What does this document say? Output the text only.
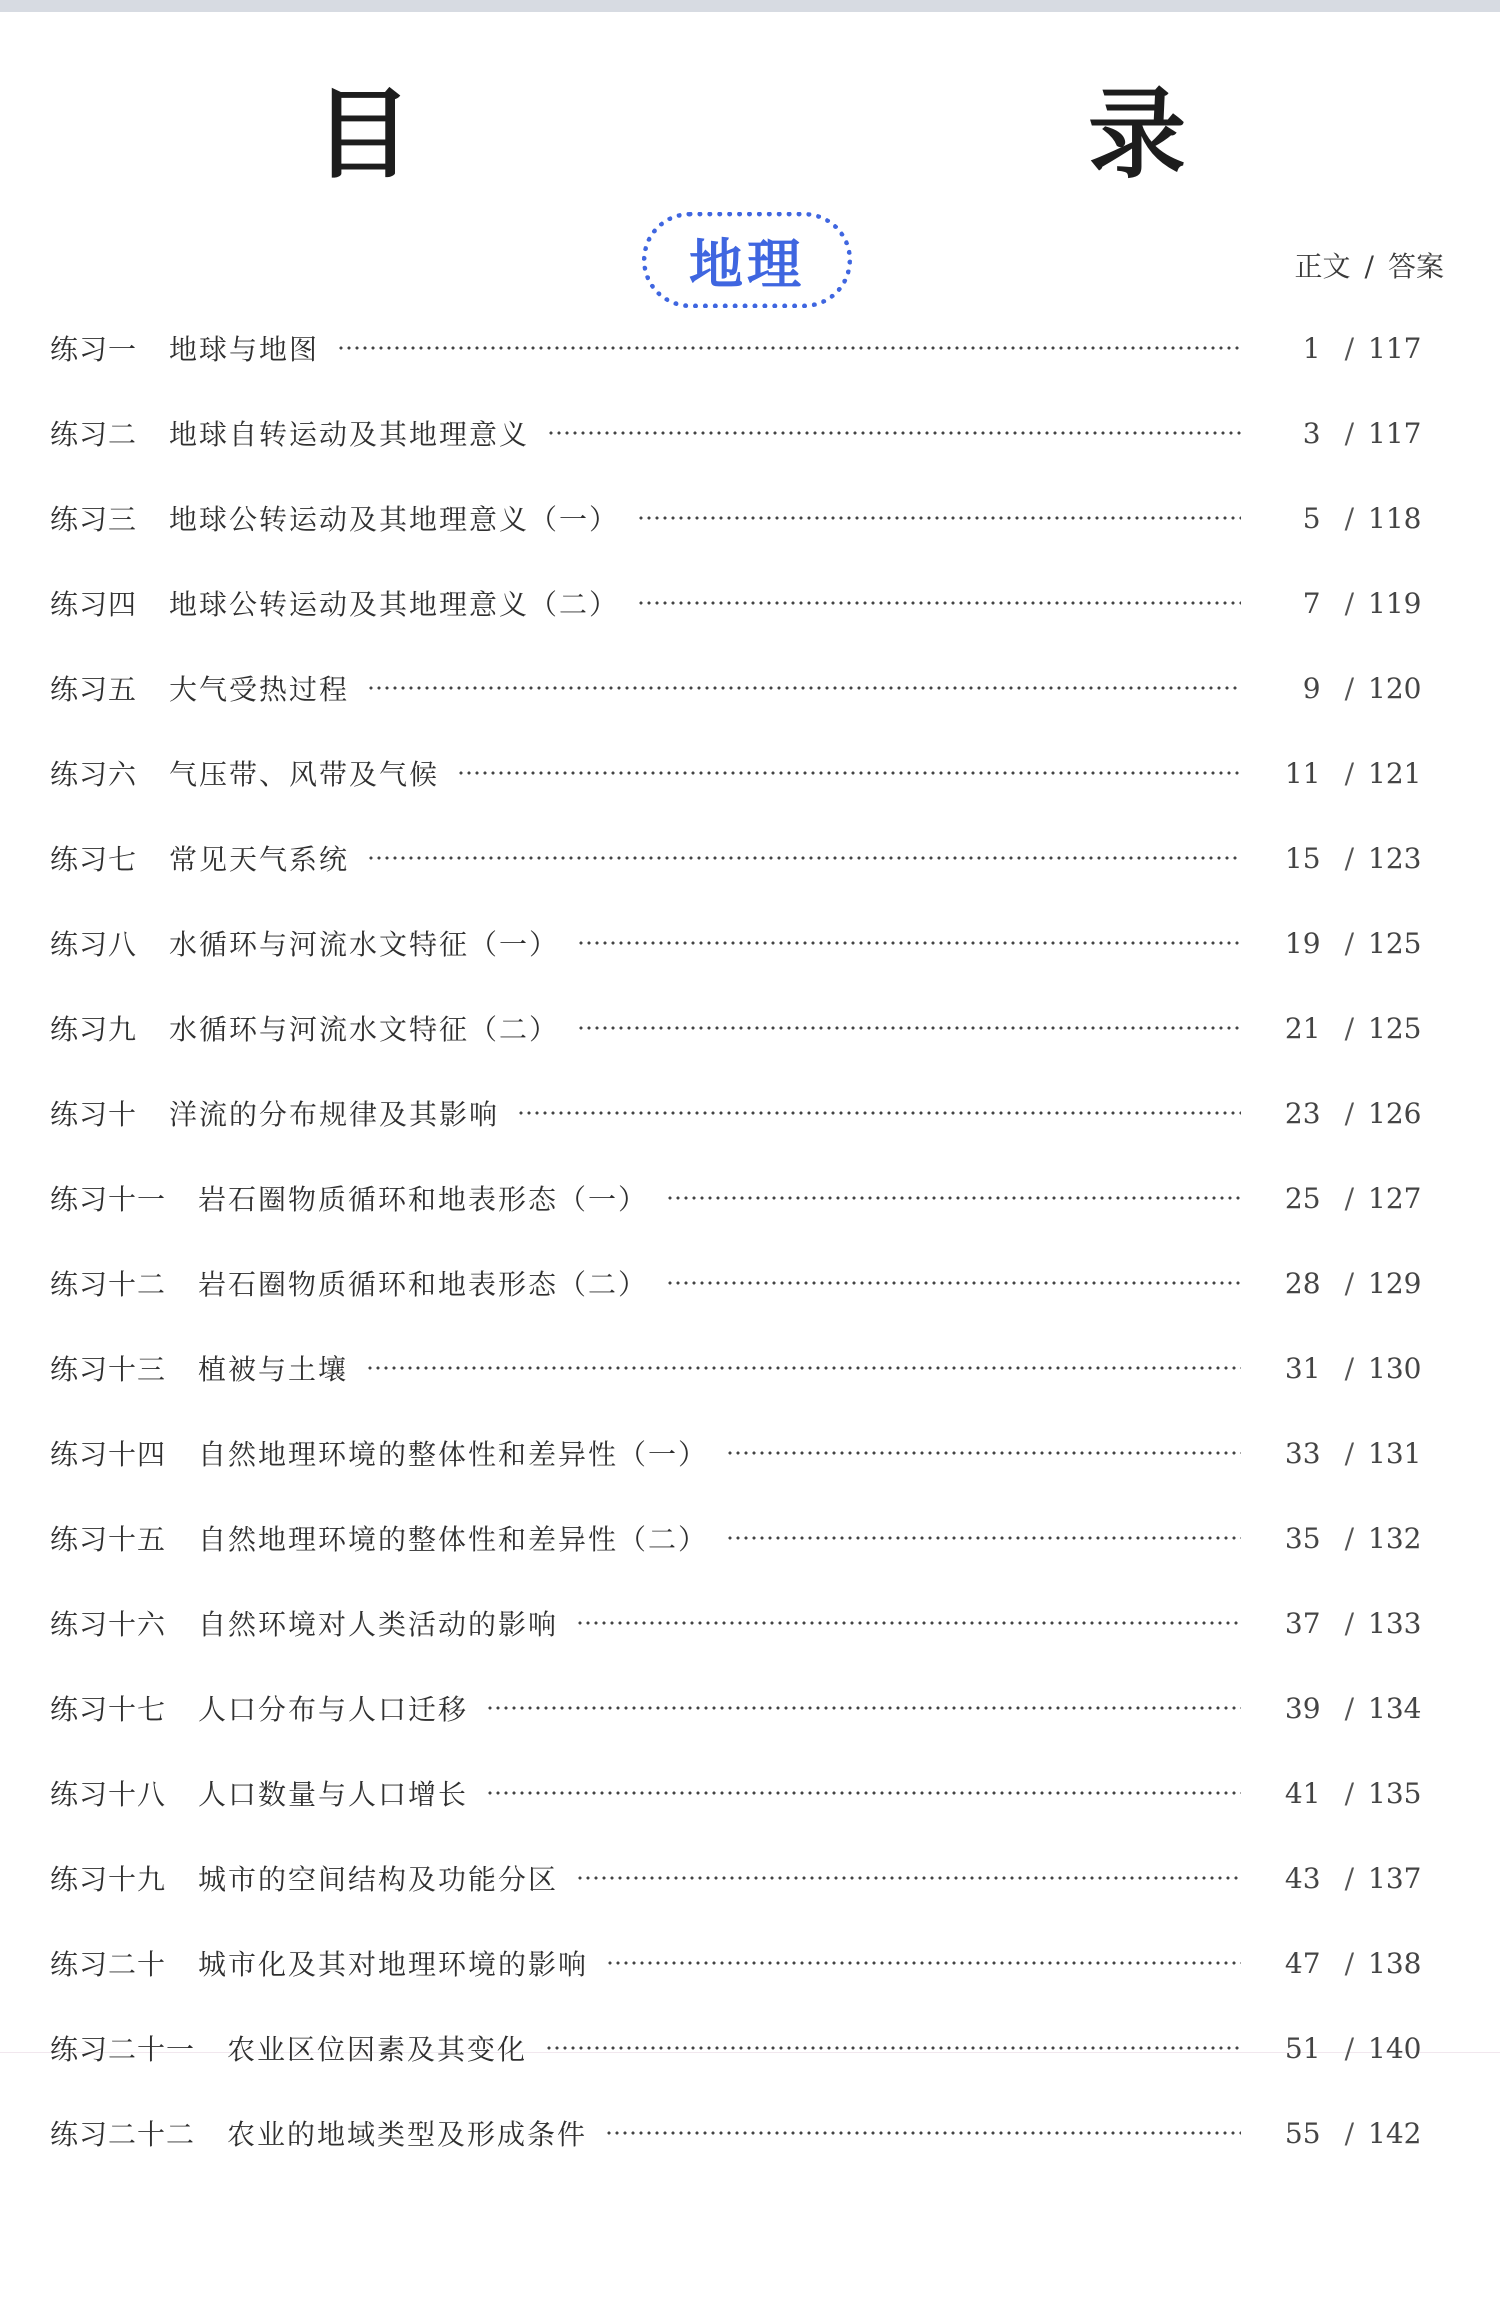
目　　录
地理	正文 / 答案
练习一 地球与地图	1 / 117
练习二 地球自转运动及其地理意义	3 / 117
练习三 地球公转运动及其地理意义（一）	5 / 118
练习四 地球公转运动及其地理意义（二）	7 / 119
练习五 大气受热过程	9 / 120
练习六 气压带、风带及气候	11 / 121
练习七 常见天气系统	15 / 123
练习八 水循环与河流水文特征（一）	19 / 125
练习九 水循环与河流水文特征（二）	21 / 125
练习十 洋流的分布规律及其影响	23 / 126
练习十一 岩石圈物质循环和地表形态（一）	25 / 127
练习十二 岩石圈物质循环和地表形态（二）	28 / 129
练习十三 植被与土壤	31 / 130
练习十四 自然地理环境的整体性和差异性（一）	33 / 131
练习十五 自然地理环境的整体性和差异性（二）	35 / 132
练习十六 自然环境对人类活动的影响	37 / 133
练习十七 人口分布与人口迁移	39 / 134
练习十八 人口数量与人口增长	41 / 135
练习十九 城市的空间结构及功能分区	43 / 137
练习二十 城市化及其对地理环境的影响	47 / 138
练习二十一 农业区位因素及其变化	51 / 140
练习二十二 农业的地域类型及形成条件	55 / 142
